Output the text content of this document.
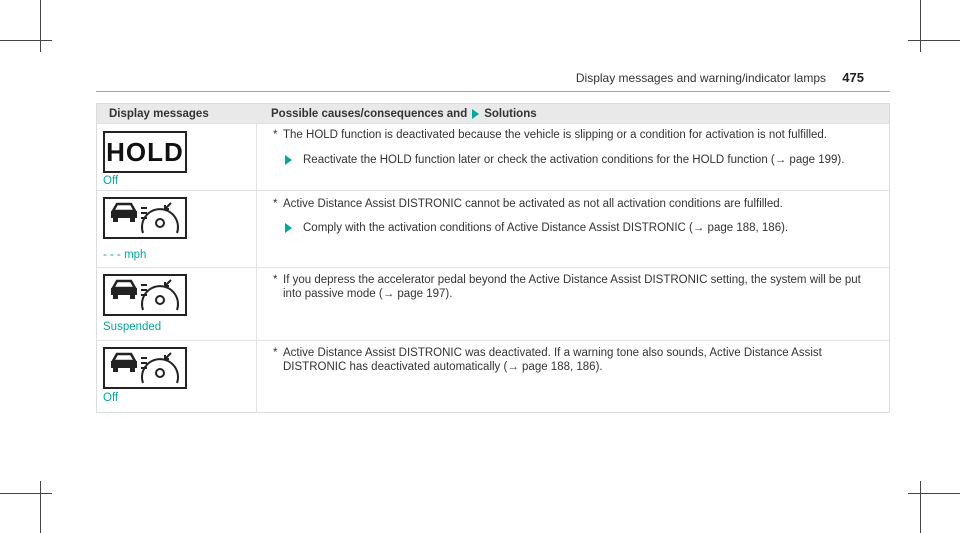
Display messages and warning/indicator lamps 475
Display messages	Possible causes/consequences and Solutions
HOLD
Off
* The HOLD function is deactivated because the vehicle is slipping or a condition for activation is not fulfilled.
Reactivate the HOLD function later or check the activation conditions for the HOLD function (→ page 199).
- - - mph
* Active Distance Assist DISTRONIC cannot be activated as not all activation conditions are fulfilled.
Comply with the activation conditions of Active Distance Assist DISTRONIC (→ page 188, 186).
Suspended
* If you depress the accelerator pedal beyond the Active Distance Assist DISTRONIC setting, the system will be put
into passive mode (→ page 197).
Off
* Active Distance Assist DISTRONIC was deactivated. If a warning tone also sounds, Active Distance Assist
DISTRONIC has deactivated automatically (→ page 188, 186).
